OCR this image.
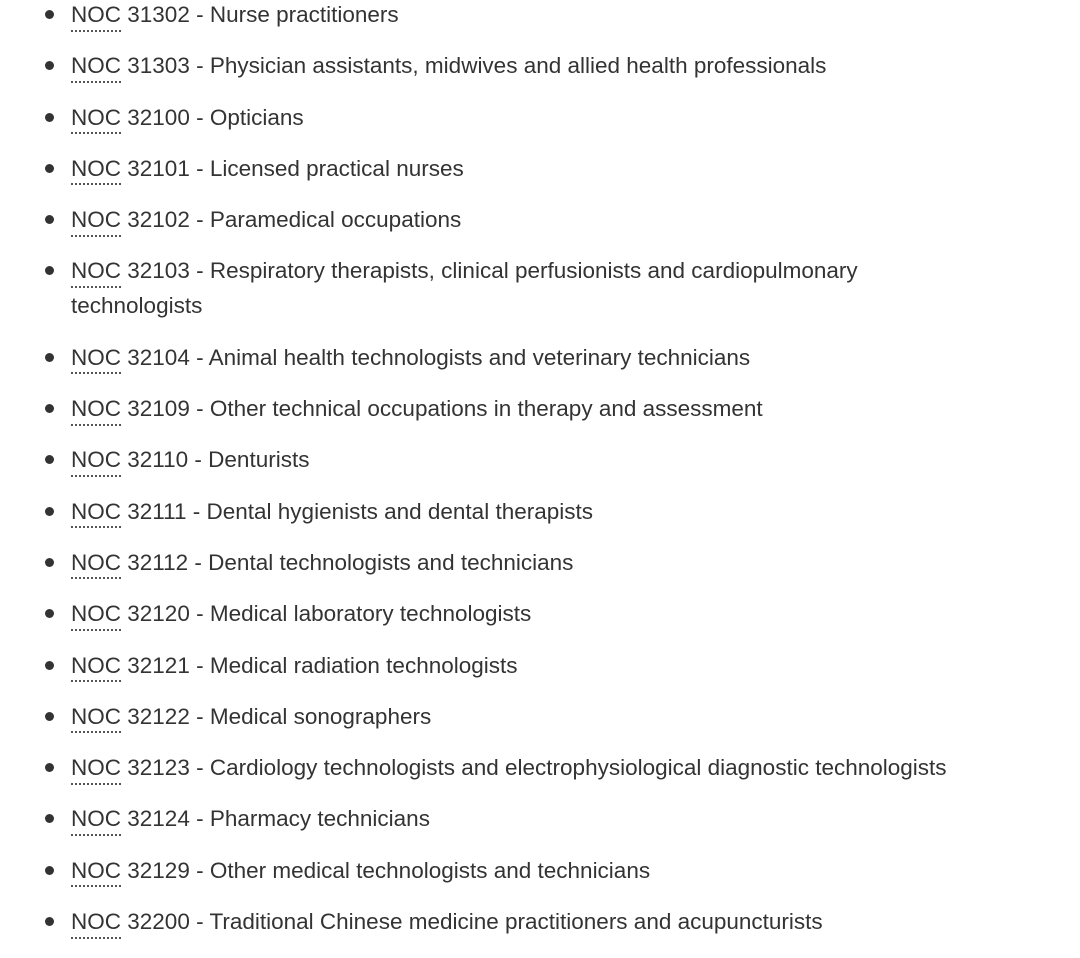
NOC 31302 - Nurse practitioners
NOC 31303 - Physician assistants, midwives and allied health professionals
NOC 32100 - Opticians
NOC 32101 - Licensed practical nurses
NOC 32102 - Paramedical occupations
NOC 32103 - Respiratory therapists, clinical perfusionists and cardiopulmonary technologists
NOC 32104 - Animal health technologists and veterinary technicians
NOC 32109 - Other technical occupations in therapy and assessment
NOC 32110 - Denturists
NOC 32111 - Dental hygienists and dental therapists
NOC 32112 - Dental technologists and technicians
NOC 32120 - Medical laboratory technologists
NOC 32121 - Medical radiation technologists
NOC 32122 - Medical sonographers
NOC 32123 - Cardiology technologists and electrophysiological diagnostic technologists
NOC 32124 - Pharmacy technicians
NOC 32129 - Other medical technologists and technicians
NOC 32200 - Traditional Chinese medicine practitioners and acupuncturists
